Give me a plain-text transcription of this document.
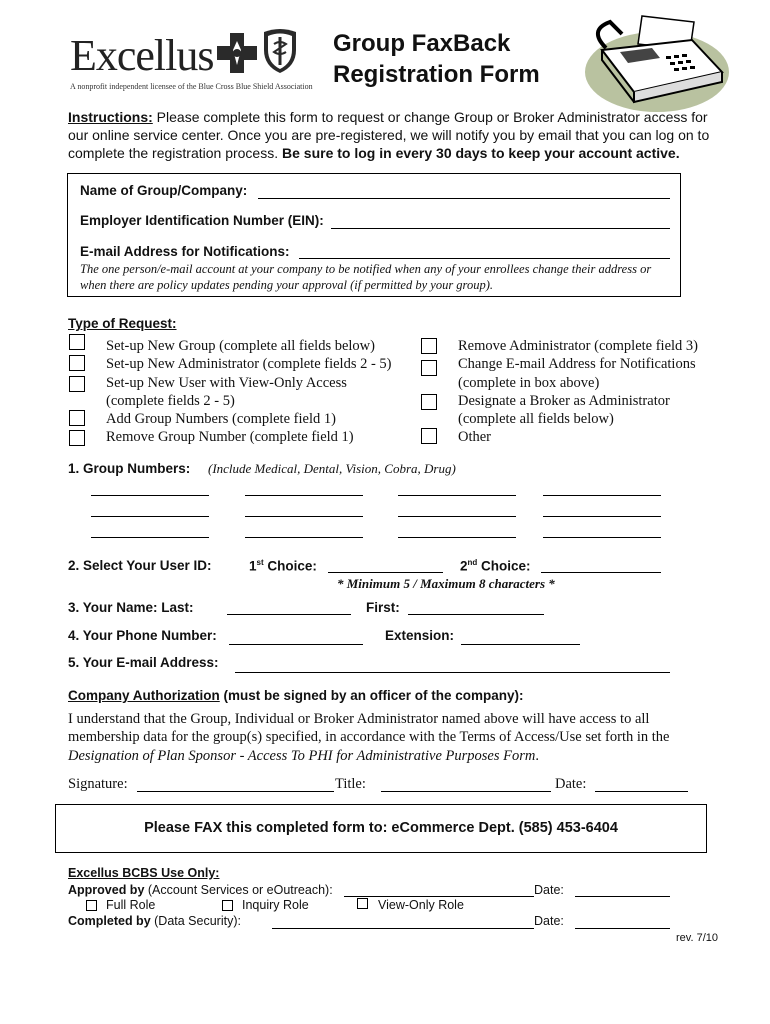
Excellus
A nonprofit independent licensee of the Blue Cross Blue Shield Association
Group FaxBack
Registration Form
Instructions: Please complete this form to request or change Group or Broker Administrator access for our online service center. Once you are pre-registered, we will notify you by email that you can log on to complete the registration process. Be sure to log in every 30 days to keep your account active.
Name of Group/Company:
Employer Identification Number (EIN):
E-mail Address for Notifications:
The one person/e-mail account at your company to be notified when any of your enrollees change their address or when there are policy updates pending your approval (if permitted by your group).
Type of Request:
Set-up New Group (complete all fields below)
Set-up New Administrator (complete fields 2 - 5)
Set-up New User with View-Only Access
(complete fields 2 - 5)
Add Group Numbers (complete field 1)
Remove Group Number (complete field 1)
Remove Administrator (complete field 3)
Change E-mail Address for Notifications
(complete in box above)
Designate a Broker as Administrator
(complete all fields below)
Other
1. Group Numbers: (Include Medical, Dental, Vision, Cobra, Drug)
2. Select Your User ID:	1st Choice:	2nd Choice:
* Minimum 5 / Maximum 8 characters *
3. Your Name: Last:	First:
4. Your Phone Number:	Extension:
5. Your E-mail Address:
Company Authorization (must be signed by an officer of the company):
I understand that the Group, Individual or Broker Administrator named above will have access to all membership data for the group(s) specified, in accordance with the Terms of Access/Use set forth in the Designation of Plan Sponsor - Access To PHI for Administrative Purposes Form.
Signature:	Title:	Date:
Please FAX this completed form to: eCommerce Dept. (585) 453-6404
Excellus BCBS Use Only:
Approved by (Account Services or eOutreach):	Date:
Full Role	Inquiry Role	View-Only Role
Completed by (Data Security):	Date:
rev. 7/10
